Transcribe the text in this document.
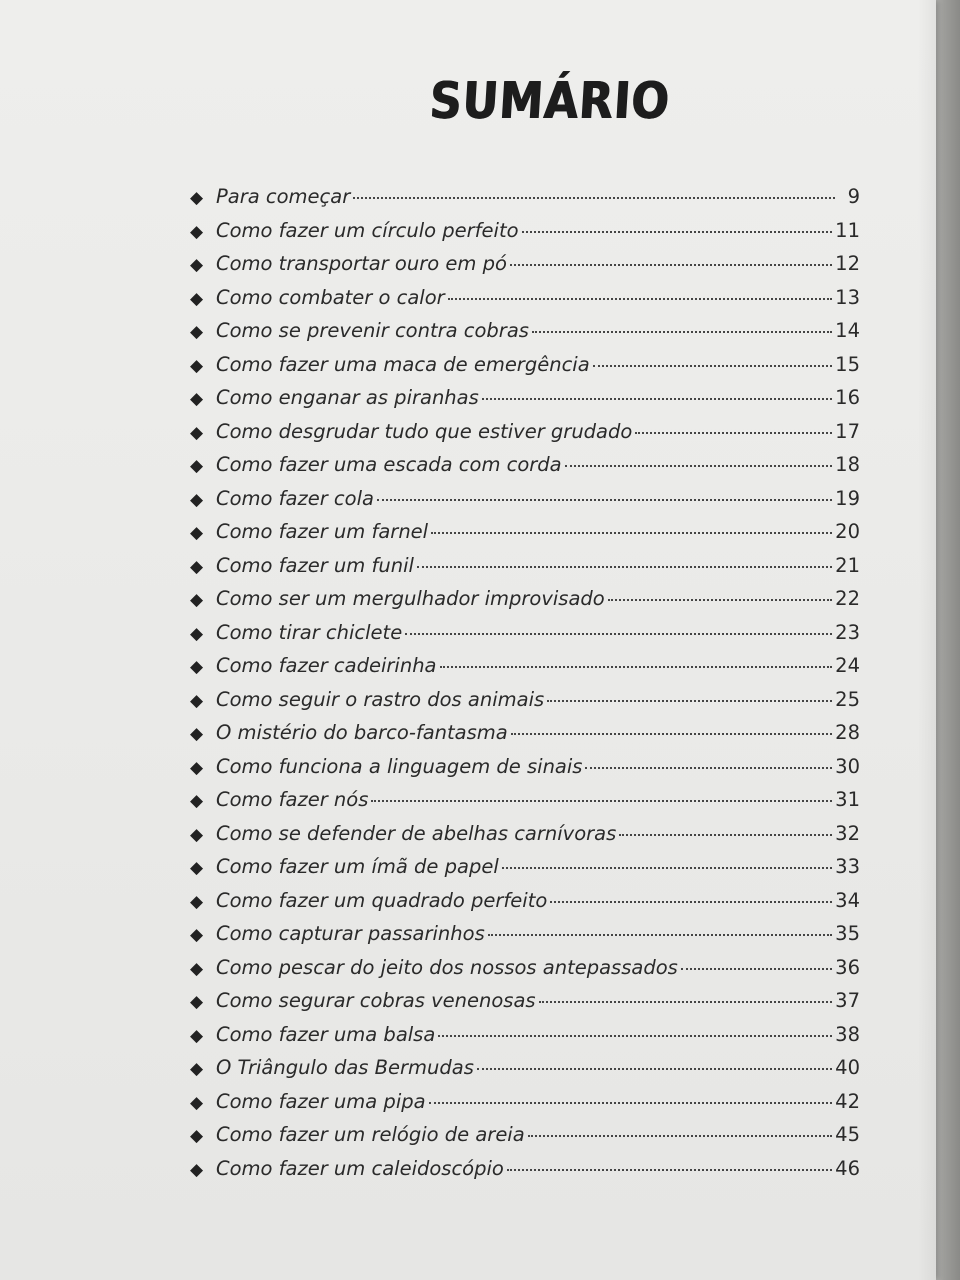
SUMÁRIO
◆ Para começar	9
◆ Como fazer um círculo perfeito	11
◆ Como transportar ouro em pó	12
◆ Como combater o calor	13
◆ Como se prevenir contra cobras	14
◆ Como fazer uma maca de emergência	15
◆ Como enganar as piranhas	16
◆ Como desgrudar tudo que estiver grudado	17
◆ Como fazer uma escada com corda	18
◆ Como fazer cola	19
◆ Como fazer um farnel	20
◆ Como fazer um funil	21
◆ Como ser um mergulhador improvisado	22
◆ Como tirar chiclete	23
◆ Como fazer cadeirinha	24
◆ Como seguir o rastro dos animais	25
◆ O mistério do barco-fantasma	28
◆ Como funciona a linguagem de sinais	30
◆ Como fazer nós	31
◆ Como se defender de abelhas carnívoras	32
◆ Como fazer um ímã de papel	33
◆ Como fazer um quadrado perfeito	34
◆ Como capturar passarinhos	35
◆ Como pescar do jeito dos nossos antepassados	36
◆ Como segurar cobras venenosas	37
◆ Como fazer uma balsa	38
◆ O Triângulo das Bermudas	40
◆ Como fazer uma pipa	42
◆ Como fazer um relógio de areia	45
◆ Como fazer um caleidoscópio	46
